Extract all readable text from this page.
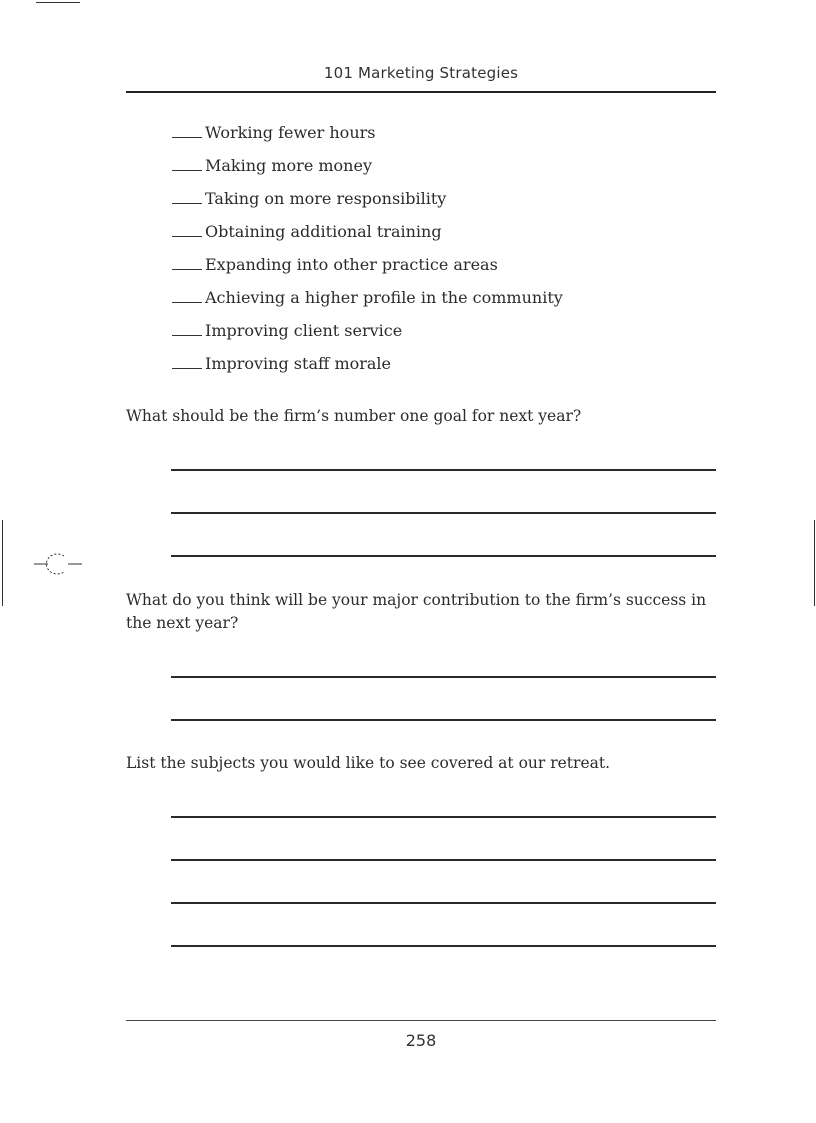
101 Marketing Strategies
Working fewer hours
Making more money
Taking on more responsibility
Obtaining additional training
Expanding into other practice areas
Achieving a higher profile in the community
Improving client service
Improving staff morale

What should be the firm’s number one goal for next year?

What do you think will be your major contribution to the firm’s success in the next year?

List the subjects you would like to see covered at our retreat.

258
